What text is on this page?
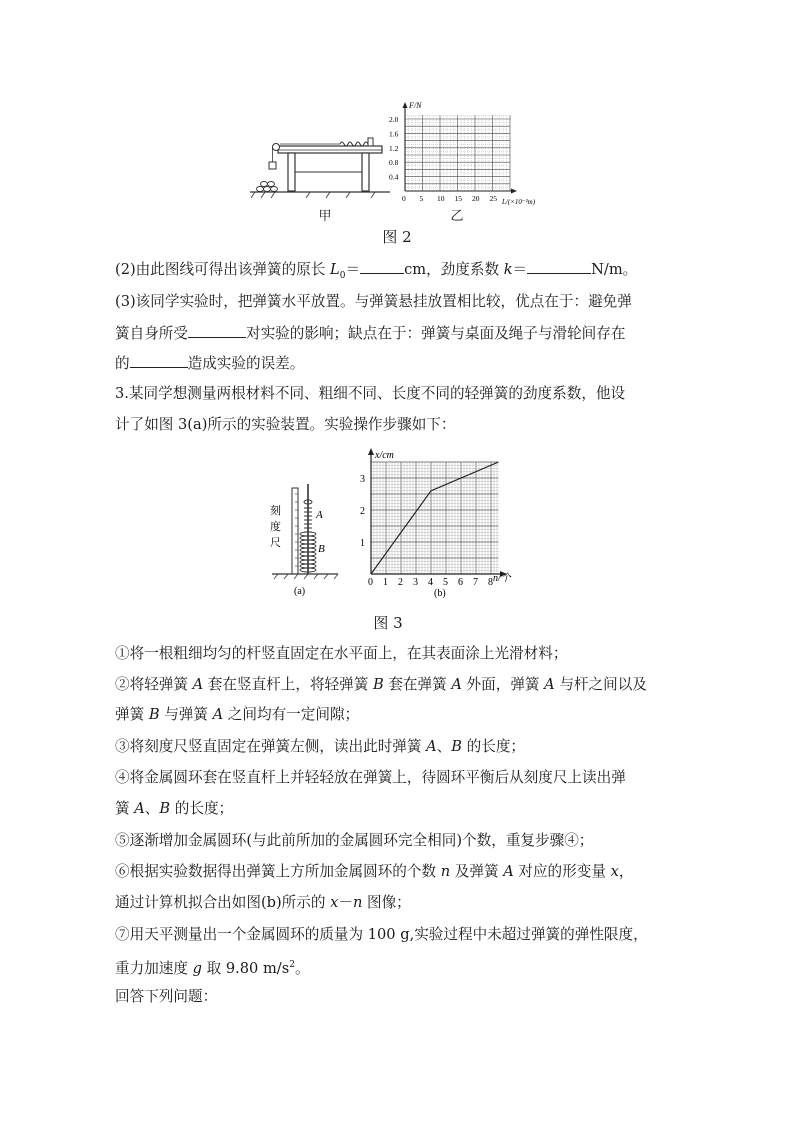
甲
F/N
L/(×10⁻²m)
0.4
0.8
1.2
1.6
2.0
0 5 10 15 20 25
乙
图 2
(2)由此图线可得出该弹簧的原长 $L_0=$	cm，劲度系数 k＝	N/m。
(3)该同学实验时，把弹簧水平放置。与弹簧悬挂放置相比较，优点在于：避免弹
簧自身所受	对实验的影响；缺点在于：弹簧与桌面及绳子与滑轮间存在
的	造成实验的误差。
3.某同学想测量两根材料不同、粗细不同、长度不同的轻弹簧的劲度系数，他设
计了如图 3(a)所示的实验装置。实验操作步骤如下：
刻
度
尺
A
B
(a)
x/cm
n/个
0 1 2 3 4 5 6 7 8
1
2
3
(b)
图 3
①将一根粗细均匀的杆竖直固定在水平面上，在其表面涂上光滑材料；
②将轻弹簧 A 套在竖直杆上，将轻弹簧 B 套在弹簧 A 外面，弹簧 A 与杆之间以及
弹簧 B 与弹簧 A 之间均有一定间隙；
③将刻度尺竖直固定在弹簧左侧，读出此时弹簧 A、B 的长度；
④将金属圆环套在竖直杆上并轻轻放在弹簧上，待圆环平衡后从刻度尺上读出弹
簧 A、B 的长度；
⑤逐渐增加金属圆环(与此前所加的金属圆环完全相同)个数，重复步骤④；
⑥根据实验数据得出弹簧上方所加金属圆环的个数 n 及弹簧 A 对应的形变量 x，
通过计算机拟合出如图(b)所示的 x－n 图像；
⑦用天平测量出一个金属圆环的质量为 100 g,实验过程中未超过弹簧的弹性限度，
重力加速度 g 取 9.80 $m/s^2$。
回答下列问题：
